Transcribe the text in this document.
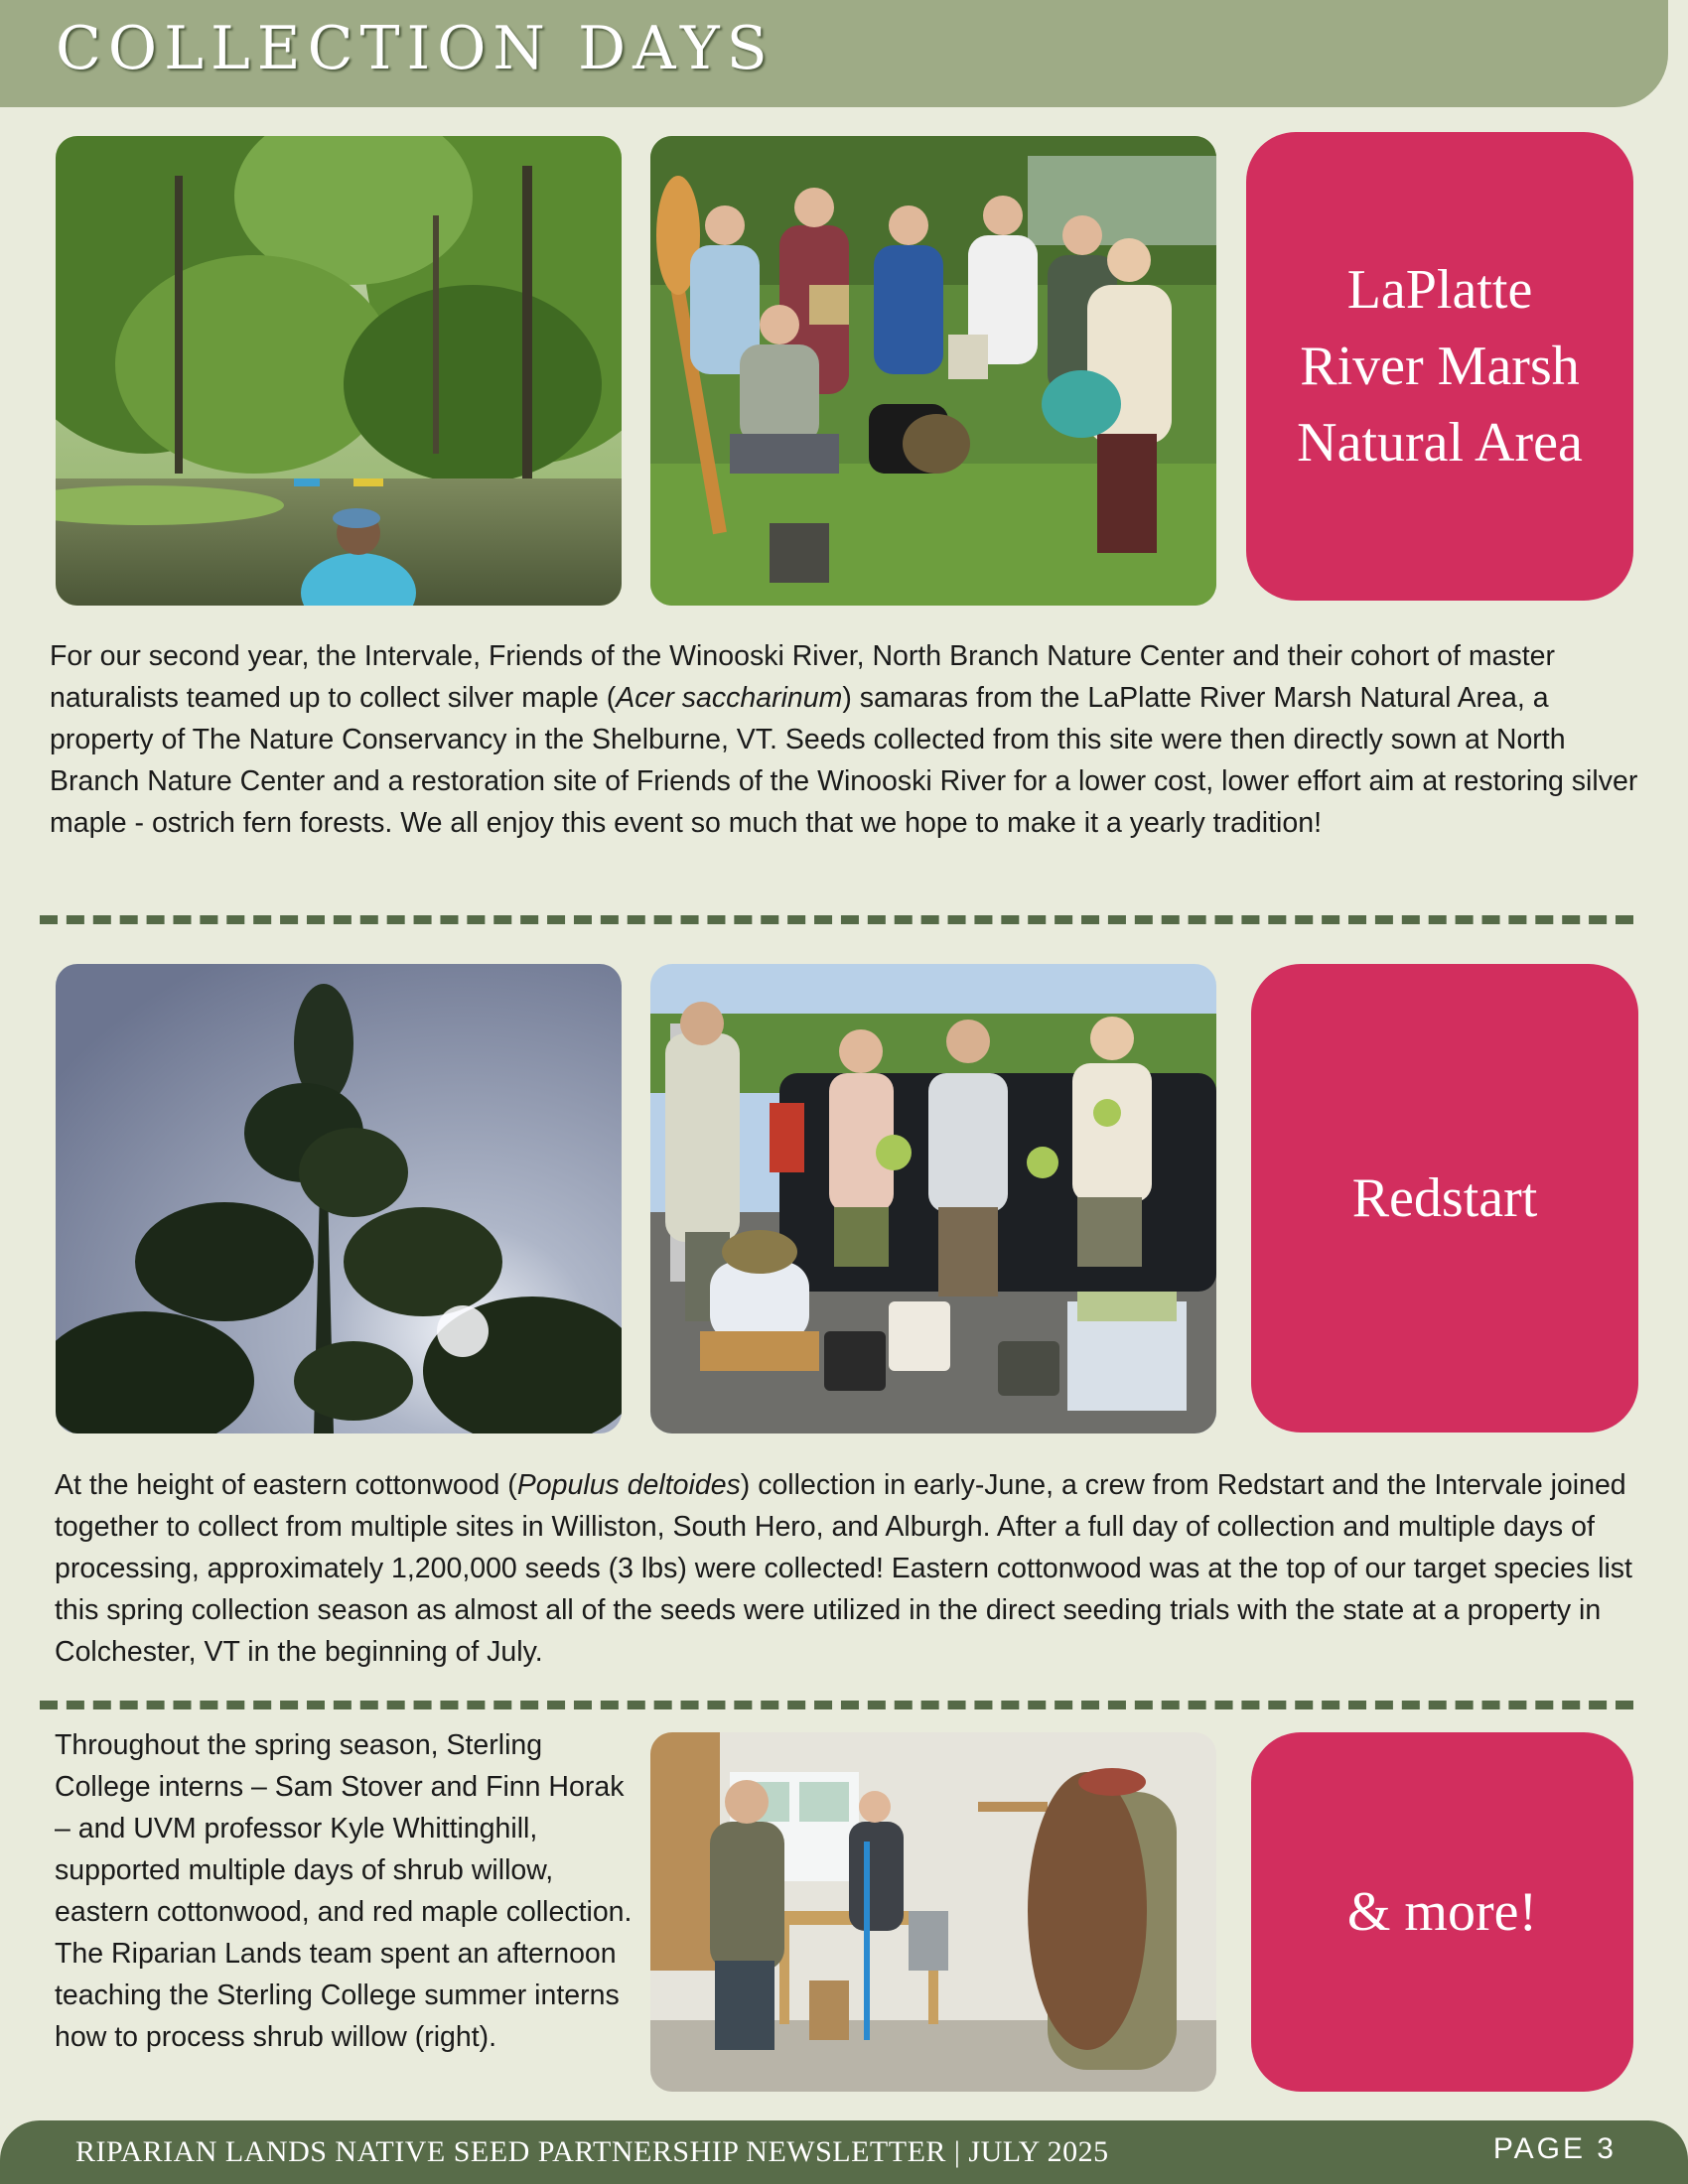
COLLECTION DAYS
LaPlatte River Marsh Natural Area

For our second year, the Intervale, Friends of the Winooski River, North Branch Nature Center and their cohort of master naturalists teamed up to collect silver maple (Acer saccharinum) samaras from the LaPlatte River Marsh Natural Area, a property of The Nature Conservancy in the Shelburne, VT. Seeds collected from this site were then directly sown at North Branch Nature Center and a restoration site of Friends of the Winooski River for a lower cost, lower effort aim at restoring silver maple - ostrich fern forests. We all enjoy this event so much that we hope to make it a yearly tradition!

Redstart

At the height of eastern cottonwood (Populus deltoides) collection in early-June, a crew from Redstart and the Intervale joined together to collect from multiple sites in Williston, South Hero, and Alburgh. After a full day of collection and multiple days of processing, approximately 1,200,000 seeds (3 lbs) were collected! Eastern cottonwood was at the top of our target species list this spring collection season as almost all of the seeds were utilized in the direct seeding trials with the state at a property in Colchester, VT in the beginning of July.

Throughout the spring season, Sterling College interns – Sam Stover and Finn Horak – and UVM professor Kyle Whittinghill, supported multiple days of shrub willow, eastern cottonwood, and red maple collection. The Riparian Lands team spent an afternoon teaching the Sterling College summer interns how to process shrub willow (right).

& more!
RIPARIAN LANDS NATIVE SEED PARTNERSHIP NEWSLETTER | JULY 2025	PAGE 3
